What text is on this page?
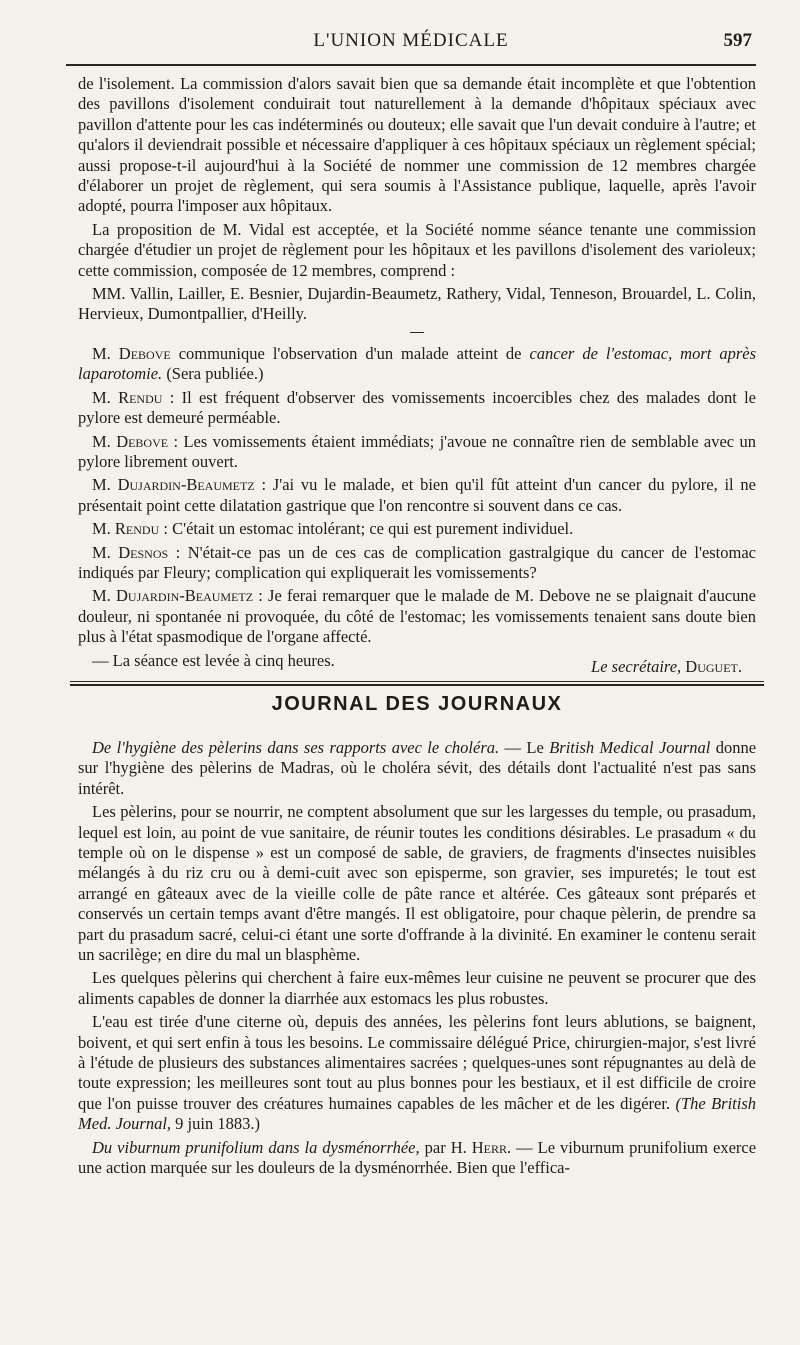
L'UNION MÉDICALE	597

de l'isolement. La commission d'alors savait bien que sa demande était incomplète et que l'obtention des pavillons d'isolement conduirait tout naturellement à la demande d'hôpitaux spéciaux avec pavillon d'attente pour les cas indéterminés ou douteux; elle savait que l'un devait conduire à l'autre; et qu'alors il deviendrait possible et nécessaire d'appliquer à ces hôpitaux spéciaux un règlement spécial; aussi propose-t-il aujourd'hui à la Société de nommer une commission de 12 membres chargée d'élaborer un projet de règlement, qui sera soumis à l'Assistance publique, laquelle, après l'avoir adopté, pourra l'imposer aux hôpitaux.

La proposition de M. Vidal est acceptée, et la Société nomme séance tenante une commission chargée d'étudier un projet de règlement pour les hôpitaux et les pavillons d'isolement des varioleux; cette commission, composée de 12 membres, comprend :

MM. Vallin, Lailler, E. Besnier, Dujardin-Beaumetz, Rathery, Vidal, Tenneson, Brouardel, L. Colin, Hervieux, Dumontpallier, d'Heilly.

M. Debove communique l'observation d'un malade atteint de cancer de l'estomac, mort après laparotomie. (Sera publiée.)

M. Rendu : Il est fréquent d'observer des vomissements incoercibles chez des malades dont le pylore est demeuré perméable.

M. Debove : Les vomissements étaient immédiats; j'avoue ne connaître rien de semblable avec un pylore librement ouvert.

M. Dujardin-Beaumetz : J'ai vu le malade, et bien qu'il fût atteint d'un cancer du pylore, il ne présentait point cette dilatation gastrique que l'on rencontre si souvent dans ce cas.

M. Rendu : C'était un estomac intolérant; ce qui est purement individuel.

M. Desnos : N'était-ce pas un de ces cas de complication gastralgique du cancer de l'estomac indiqués par Fleury; complication qui expliquerait les vomissements?

M. Dujardin-Beaumetz : Je ferai remarquer que le malade de M. Debove ne se plaignait d'aucune douleur, ni spontanée ni provoquée, du côté de l'estomac; les vomissements tenaient sans doute bien plus à l'état spasmodique de l'organe affecté.

— La séance est levée à cinq heures.	Le secrétaire, Duguet.
JOURNAL DES JOURNAUX

De l'hygiène des pèlerins dans ses rapports avec le choléra. — Le British Medical Journal donne sur l'hygiène des pèlerins de Madras, où le choléra sévit, des détails dont l'actualité n'est pas sans intérêt.

Les pèlerins, pour se nourrir, ne comptent absolument que sur les largesses du temple, ou prasadum, lequel est loin, au point de vue sanitaire, de réunir toutes les conditions désirables. Le prasadum « du temple où on le dispense » est un composé de sable, de graviers, de fragments d'insectes nuisibles mélangés à du riz cru ou à demi-cuit avec son episperme, son gravier, ses impuretés; le tout est arrangé en gâteaux avec de la vieille colle de pâte rance et altérée. Ces gâteaux sont préparés et conservés un certain temps avant d'être mangés. Il est obligatoire, pour chaque pèlerin, de prendre sa part du prasadum sacré, celui-ci étant une sorte d'offrande à la divinité. En examiner le contenu serait un sacrilège; en dire du mal un blasphème.

Les quelques pèlerins qui cherchent à faire eux-mêmes leur cuisine ne peuvent se procurer que des aliments capables de donner la diarrhée aux estomacs les plus robustes.

L'eau est tirée d'une citerne où, depuis des années, les pèlerins font leurs ablutions, se baignent, boivent, et qui sert enfin à tous les besoins. Le commissaire délégué Price, chirurgien-major, s'est livré à l'étude de plusieurs des substances alimentaires sacrées ; quelques-unes sont répugnantes au delà de toute expression; les meilleures sont tout au plus bonnes pour les bestiaux, et il est difficile de croire que l'on puisse trouver des créatures humaines capables de les mâcher et de les digérer. (The British Med. Journal, 9 juin 1883.)

Du viburnum prunifolium dans la dysménorrhée, par H. Herr. — Le viburnum prunifolium exerce une action marquée sur les douleurs de la dysménorrhée. Bien que l'effica-
